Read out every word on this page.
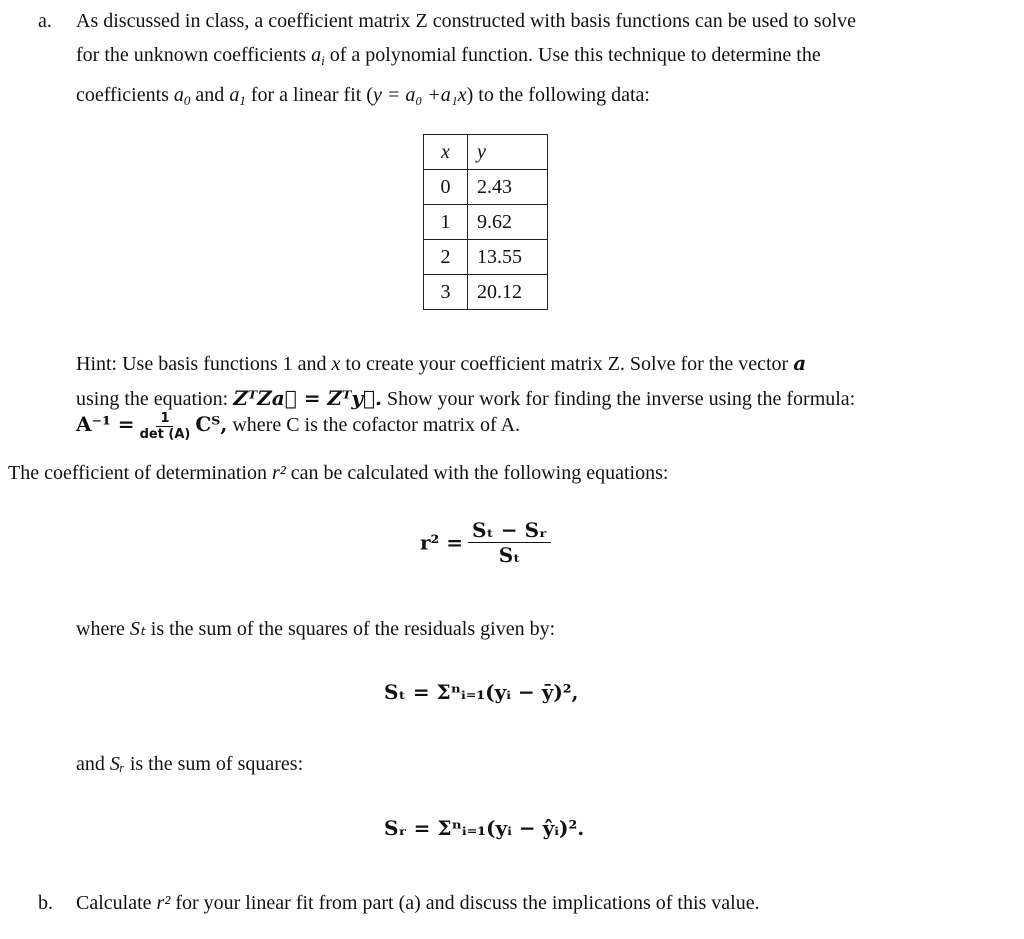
a. As discussed in class, a coefficient matrix Z constructed with basis functions can be used to solve
for the unknown coefficients $a_i$ of a polynomial function. Use this technique to determine the
coefficients $a_0$ and $a_1$ for a linear fit (y = a₀ +a₁x) to the following data:
x	y
0	2.43
1	9.62
2	13.55
3	20.12
Hint: Use basis functions 1 and x to create your coefficient matrix Z. Solve for the vector a
using the equation: ZᵀZa⃗ = Zᵀy⃗. Show your work for finding the inverse using the formula:
$A^{-1} = \frac{1}{\det (A)}$ Cᵀ, where C is the cofactor matrix of A.
The coefficient of determination r² can be calculated with the following equations:
$r^2 = \frac{\text{Sₜ − Sᵣ}}{\text{Sₜ}}$
where Sₜ is the sum of the squares of the residuals given by:
Sₜ = Σⁿᵢ₌₁(yᵢ − ȳ)²,
and Sᵣ is the sum of squares:
Sᵣ = Σⁿᵢ₌₁(yᵢ − ŷᵢ)².
b. Calculate r² for your linear fit from part (a) and discuss the implications of this value.
